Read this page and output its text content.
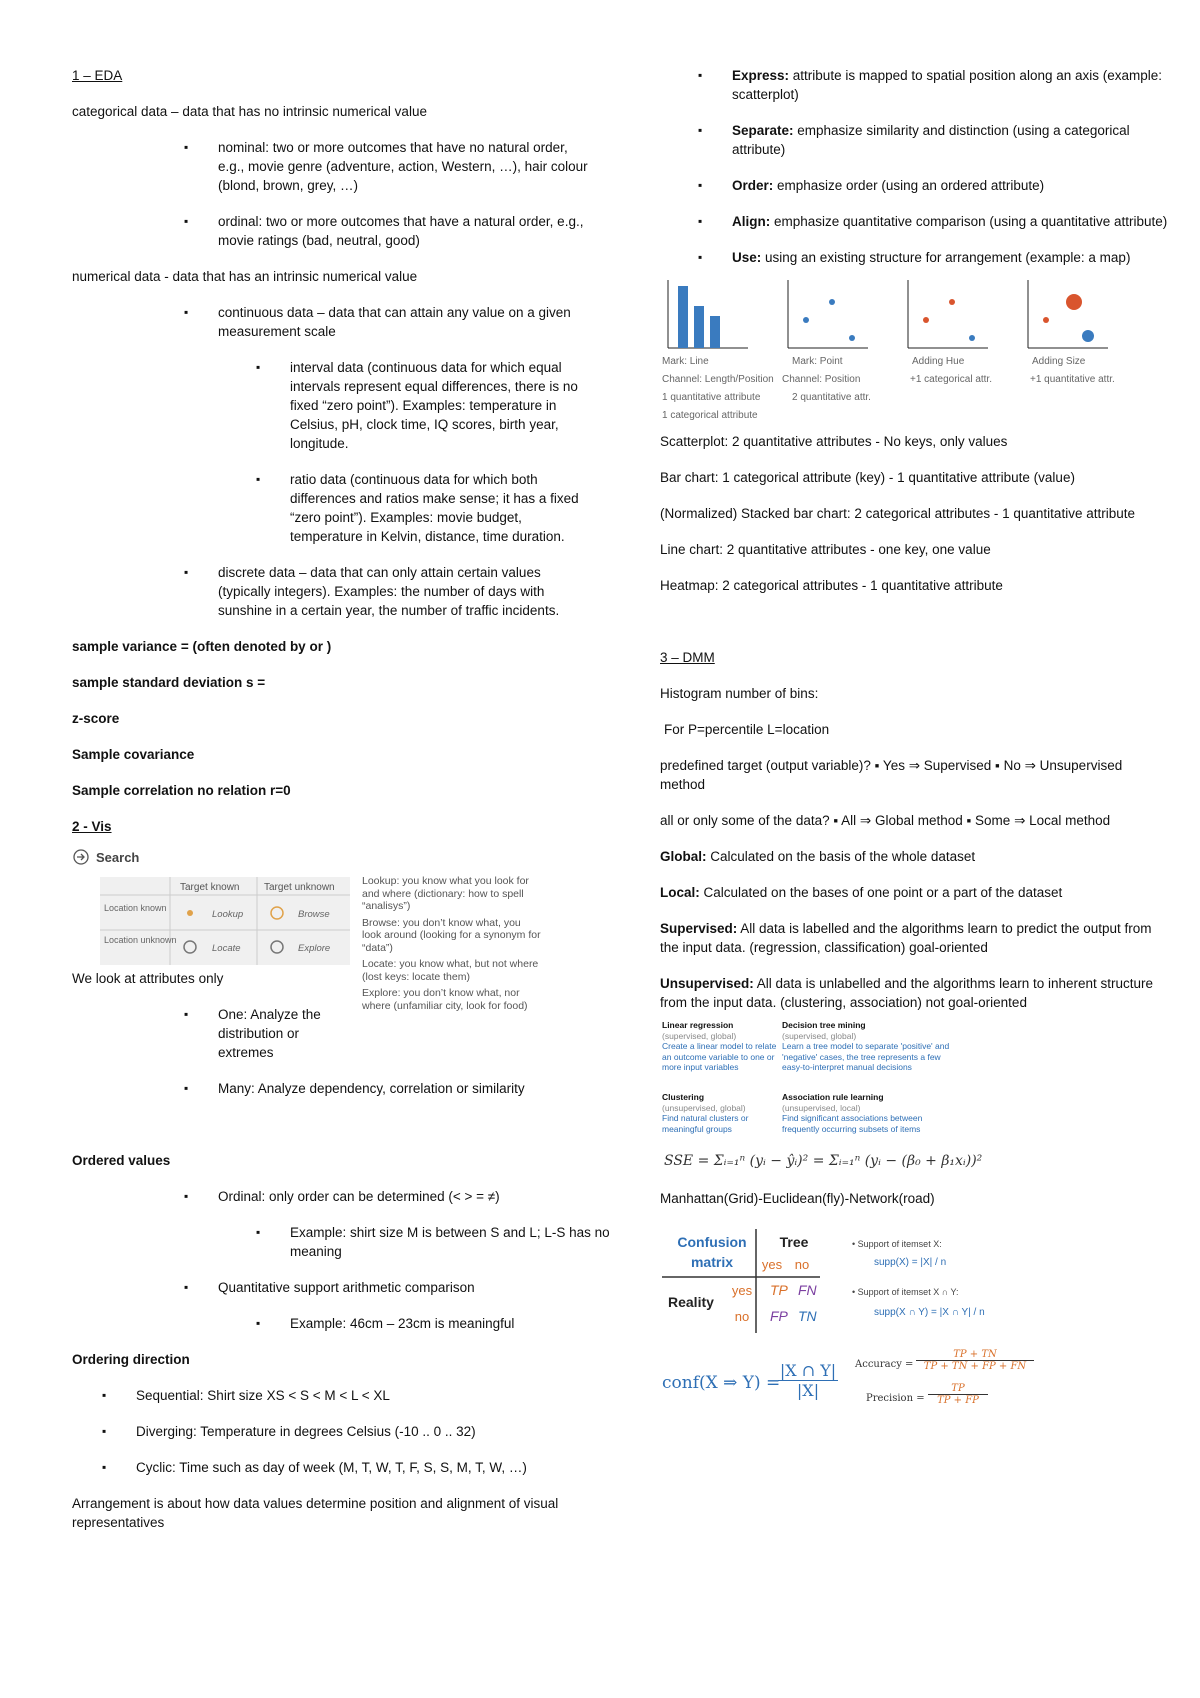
1 – EDA

categorical data – data that has no intrinsic numerical value

▪ nominal: two or more outcomes that have no natural order, e.g., movie genre (adventure, action, Western, …), hair colour (blond, brown, grey, …)
▪ ordinal: two or more outcomes that have a natural order, e.g., movie ratings (bad, neutral, good)

numerical data - data that has an intrinsic numerical value

▪ continuous data – data that can attain any value on a given measurement scale
▪ interval data (continuous data for which equal intervals represent equal differences, there is no fixed “zero point”). Examples: temperature in Celsius, pH, clock time, IQ scores, birth year, longitude.
▪ ratio data (continuous data for which both differences and ratios make sense; it has a fixed “zero point”). Examples: movie budget, temperature in Kelvin, distance, time duration.
▪ discrete data – data that can only attain certain values (typically integers). Examples: the number of days with sunshine in a certain year, the number of traffic incidents.

sample variance = (often denoted by or )

sample standard deviation s =

z-score

Sample covariance

Sample correlation no relation r=0

2 - Vis

Search
Target known Target unknown
Location known
Location unknown
Lookup	Browse
Locate	Explore
Lookup: you know what you look for and where (dictionary: how to spell “analisys”)
Browse: you don’t know what, you look around (looking for a synonym for “data”)
Locate: you know what, but not where (lost keys: locate them)
Explore: you don’t know what, nor where (unfamiliar city, look for food)

We look at attributes only

▪ One: Analyze the distribution or extremes
▪ Many: Analyze dependency, correlation or similarity

Ordered values

▪ Ordinal: only order can be determined (< > = ≠)
▪ Example: shirt size M is between S and L; L-S has no meaning
▪ Quantitative support arithmetic comparison
▪ Example: 46cm – 23cm is meaningful

Ordering direction

▪ Sequential: Shirt size XS < S < M < L < XL
▪ Diverging: Temperature in degrees Celsius (-10 .. 0 .. 32)
▪ Cyclic: Time such as day of week (M, T, W, T, F, S, S, M, T, W, …)

Arrangement is about how data values determine position and alignment of visual representatives

▪ Express: attribute is mapped to spatial position along an axis (example: scatterplot)
▪ Separate: emphasize similarity and distinction (using a categorical attribute)
▪ Order: emphasize order (using an ordered attribute)
▪ Align: emphasize quantitative comparison (using a quantitative attribute)
▪ Use: using an existing structure for arrangement (example: a map)
Mark: Line
Channel: Length/Position
1 quantitative attribute
1 categorical attribute
Mark: Point
Channel: Position
2 quantitative attr.
Adding Hue
+1 categorical attr.
Adding Size
+1 quantitative attr.

Scatterplot: 2 quantitative attributes - No keys, only values

Bar chart: 1 categorical attribute (key) - 1 quantitative attribute (value)

(Normalized) Stacked bar chart: 2 categorical attributes - 1 quantitative attribute

Line chart: 2 quantitative attributes - one key, one value

Heatmap: 2 categorical attributes - 1 quantitative attribute

3 – DMM

Histogram number of bins:

For P=percentile L=location

predefined target (output variable)? ▪ Yes ⇒ Supervised ▪ No ⇒ Unsupervised method

all or only some of the data? ▪ All ⇒ Global method ▪ Some ⇒ Local method

Global: Calculated on the basis of the whole dataset

Local: Calculated on the bases of one point or a part of the dataset

Supervised: All data is labelled and the algorithms learn to predict the output from the input data. (regression, classification) goal-oriented

Unsupervised: All data is unlabelled and the algorithms learn to inherent structure from the input data. (clustering, association) not goal-oriented

Linear regression
(supervised, global)
Create a linear model to relate an outcome variable to one or more input variables
Decision tree mining
(supervised, global)
Learn a tree model to separate 'positive' and 'negative' cases, the tree represents a few easy-to-interpret manual decisions
Clustering
(unsupervised, global)
Find natural clusters or meaningful groups
Association rule learning
(unsupervised, local)
Find significant associations between frequently occurring subsets of items

SSE = Σᵢ₌₁ⁿ (yᵢ − ŷᵢ)² = Σᵢ₌₁ⁿ (yᵢ − (β₀ + β₁xᵢ))²

Manhattan(Grid)-Euclidean(fly)-Network(road)

Confusion
matrix
Tree
yes no
Reality
yes
no
TP FN
FP TN
• Support of itemset X:
supp(X) = |X| / n
• Support of itemset X ∩ Y:
supp(X ∩ Y) = |X ∩ Y| / n
conf(X ⇒ Y) =
$\frac{|X \cap Y|}{|X|}$ Accuracy = $\frac{TP + TN}{TP + TN + FP + FN}$
Precision = $\frac{TP}{TP + FP}$
